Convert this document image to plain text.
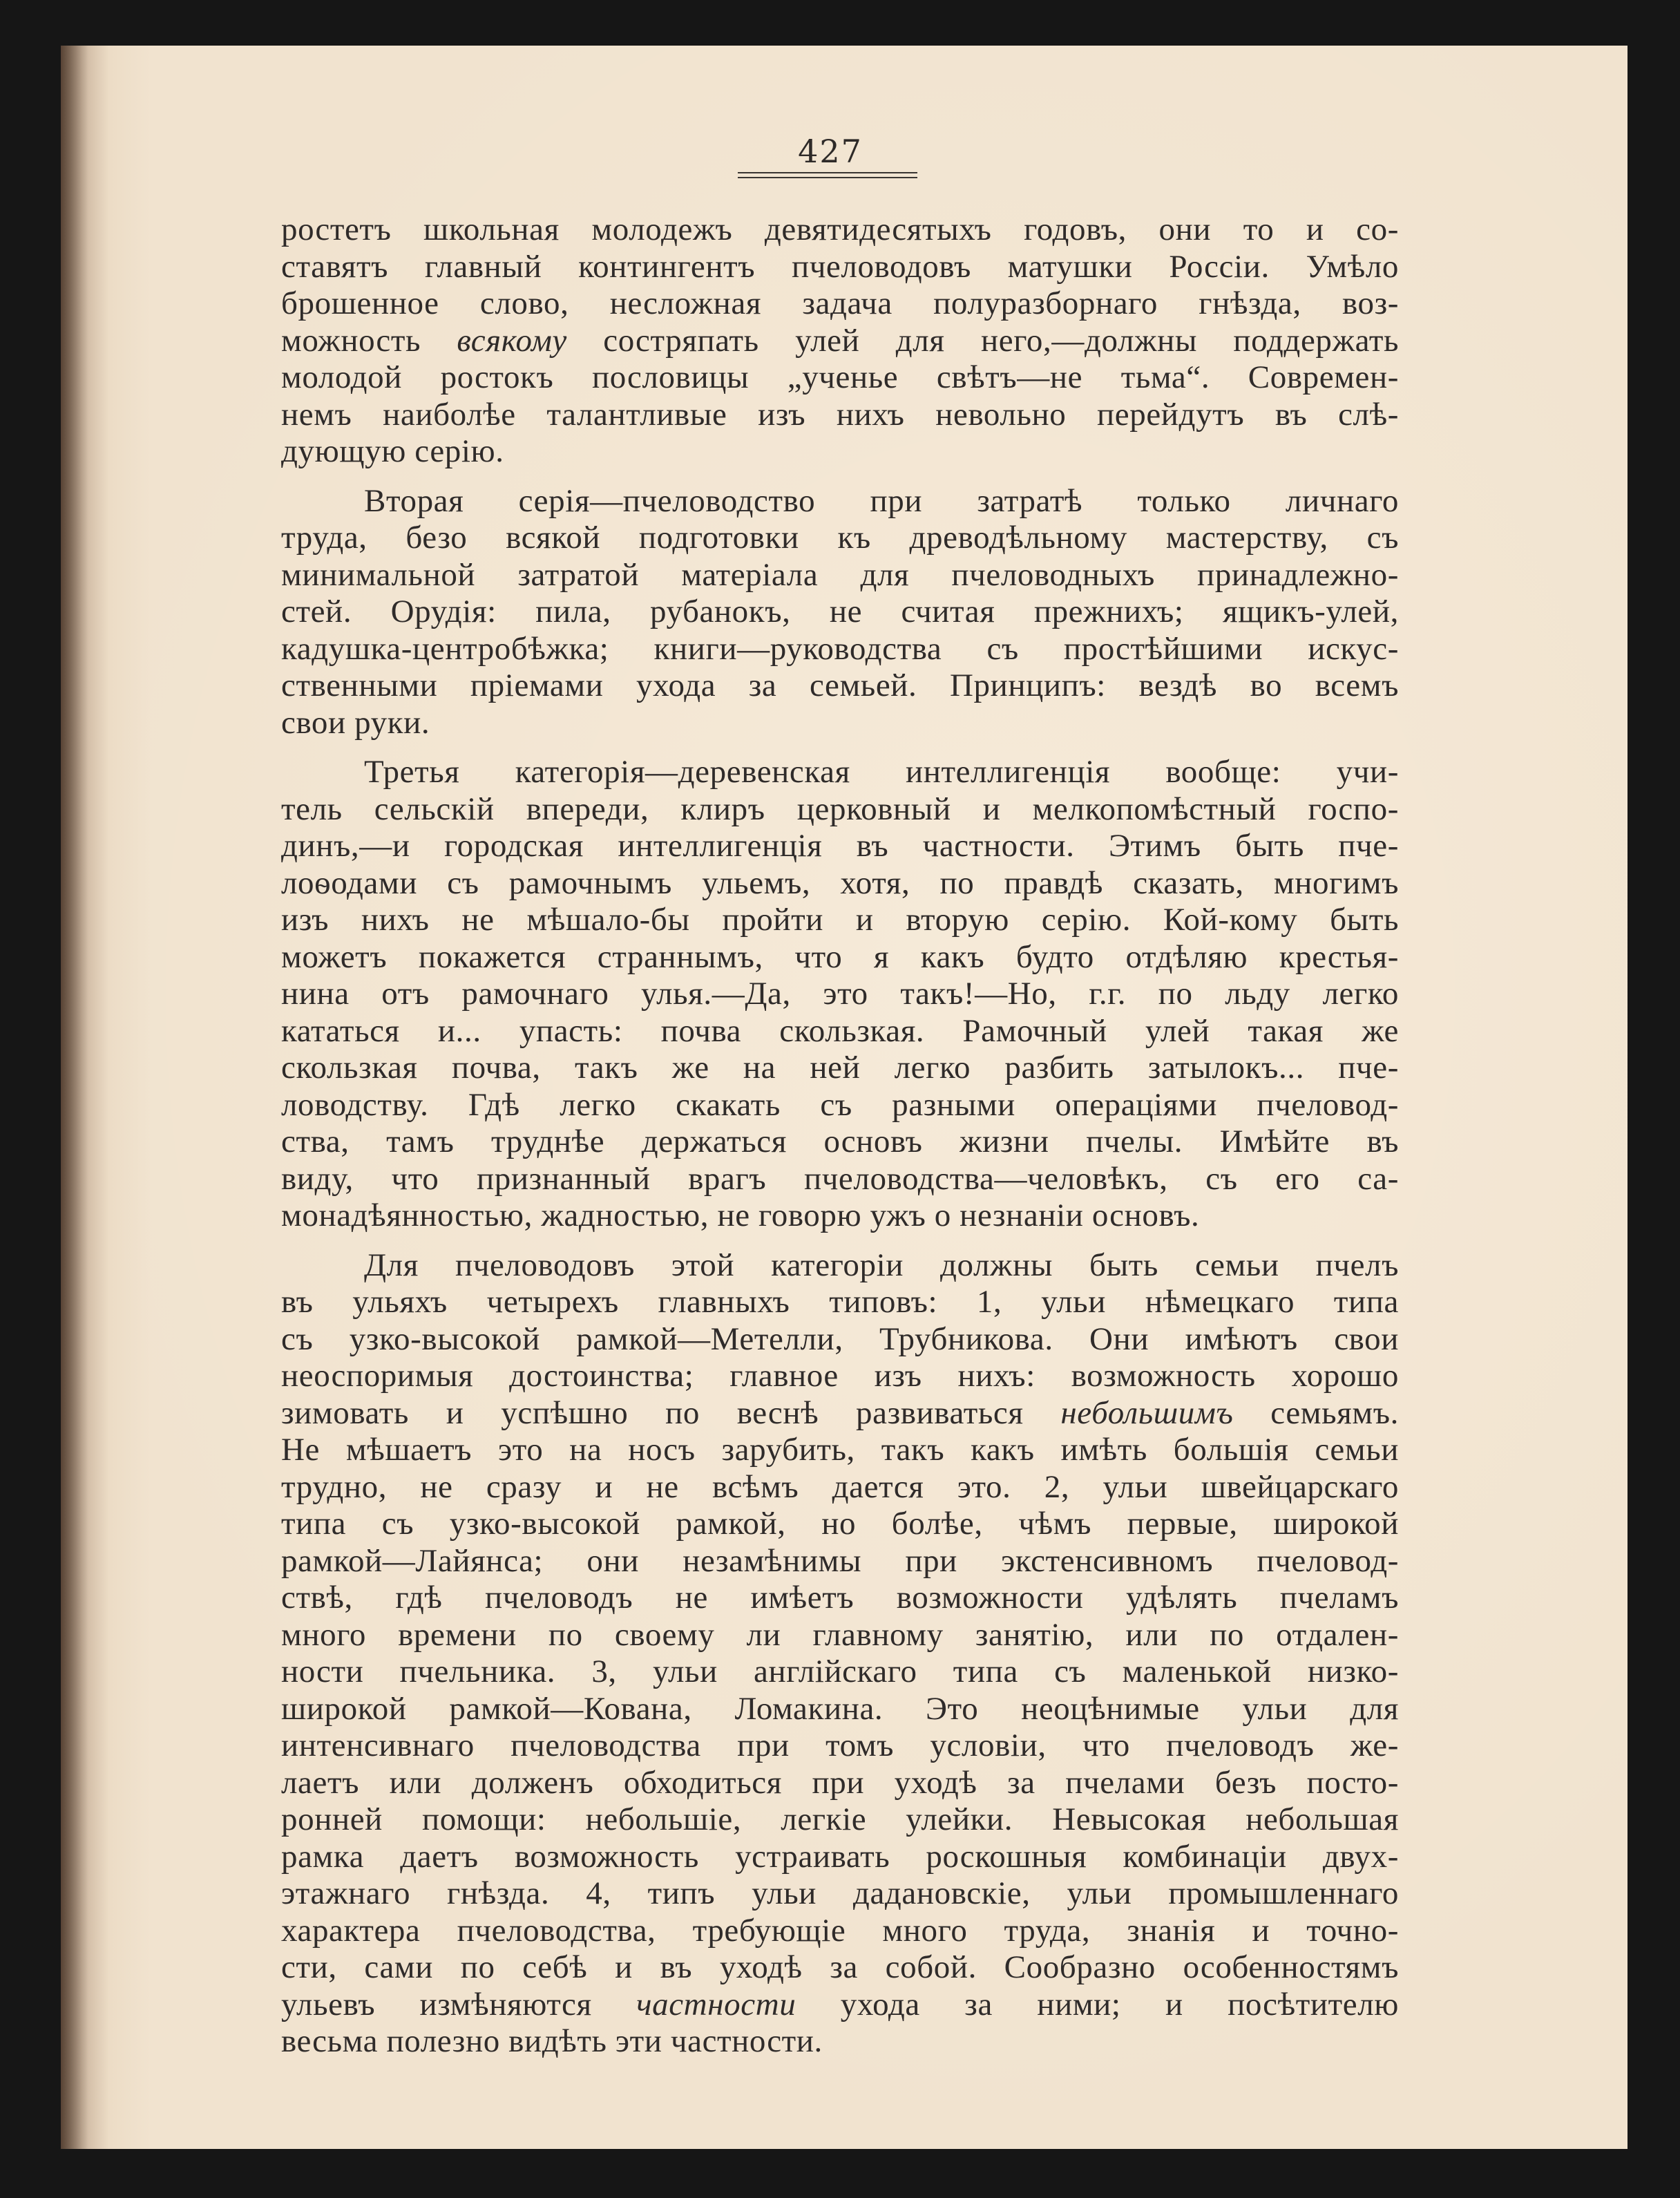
427
ростетъ школьная молодежъ девятидесятыхъ годовъ, они то и со-
ставятъ главный контингентъ пчеловодовъ матушки Россіи. Умѣло
брошенное слово, несложная задача полуразборнаго гнѣзда, воз-
можность всякому состряпать улей для него,—должны поддержать
молодой ростокъ пословицы „ученье свѣтъ—не тьма“. Современ-
немъ наиболѣе талантливые изъ нихъ невольно перейдутъ въ слѣ-
дующую серію.
Вторая серія—пчеловодство при затратѣ только личнаго
труда, безо всякой подготовки къ древодѣльному мастерству, съ
минимальной затратой матеріала для пчеловодныхъ принадлежно-
стей. Орудія: пила, рубанокъ, не считая прежнихъ; ящикъ-улей,
кадушка-центробѣжка; книги—руководства съ простѣйшими искус-
ственными пріемами ухода за семьей. Принципъ: вездѣ во всемъ
свои руки.
Третья категорія—деревенская интеллигенція вообще: учи-
тель сельскій впереди, клиръ церковный и мелкопомѣстный госпо-
динъ,—и городская интеллигенція въ частности. Этимъ быть пче-
лоѳодами съ рамочнымъ ульемъ, хотя, по правдѣ сказать, многимъ
изъ нихъ не мѣшало-бы пройти и вторую серію. Кой-кому быть
можетъ покажется страннымъ, что я какъ будто отдѣляю крестья-
нина отъ рамочнаго улья.—Да, это такъ!—Но, г.г. по льду легко
кататься и... упасть: почва скользкая. Рамочный улей такая же
скользкая почва, такъ же на ней легко разбить затылокъ... пче-
ловодству. Гдѣ легко скакать съ разными операціями пчеловод-
ства, тамъ труднѣе держаться основъ жизни пчелы. Имѣйте въ
виду, что признанный врагъ пчеловодства—человѣкъ, съ его са-
монадѣянностью, жадностью, не говорю ужъ о незнаніи основъ.
Для пчеловодовъ этой категоріи должны быть семьи пчелъ
въ ульяхъ четырехъ главныхъ типовъ: 1, ульи нѣмецкаго типа
съ узко-высокой рамкой—Метелли, Трубникова. Они имѣютъ свои
неоспоримыя достоинства; главное изъ нихъ: возможность хорошо
зимовать и успѣшно по веснѣ развиваться небольшимъ семьямъ.
Не мѣшаетъ это на носъ зарубить, такъ какъ имѣть большія семьи
трудно, не сразу и не всѣмъ дается это. 2, ульи швейцарскаго
типа съ узко-высокой рамкой, но болѣе, чѣмъ первые, широкой
рамкой—Лайянса; они незамѣнимы при экстенсивномъ пчеловод-
ствѣ, гдѣ пчеловодъ не имѣетъ возможности удѣлять пчеламъ
много времени по своему ли главному занятію, или по отдален-
ности пчельника. 3, ульи англійскаго типа съ маленькой низко-
широкой рамкой—Кована, Ломакина. Это неоцѣнимые ульи для
интенсивнаго пчеловодства при томъ условіи, что пчеловодъ же-
лаетъ или долженъ обходиться при уходѣ за пчелами безъ посто-
ронней помощи: небольшіе, легкіе улейки. Невысокая небольшая
рамка даетъ возможность устраивать роскошныя комбинаціи двух-
этажнаго гнѣзда. 4, типъ ульи дадановскіе, ульи промышленнаго
характера пчеловодства, требующіе много труда, знанія и точно-
сти, сами по себѣ и въ уходѣ за собой. Сообразно особенностямъ
ульевъ измѣняются частности ухода за ними; и посѣтителю
весьма полезно видѣть эти частности.
